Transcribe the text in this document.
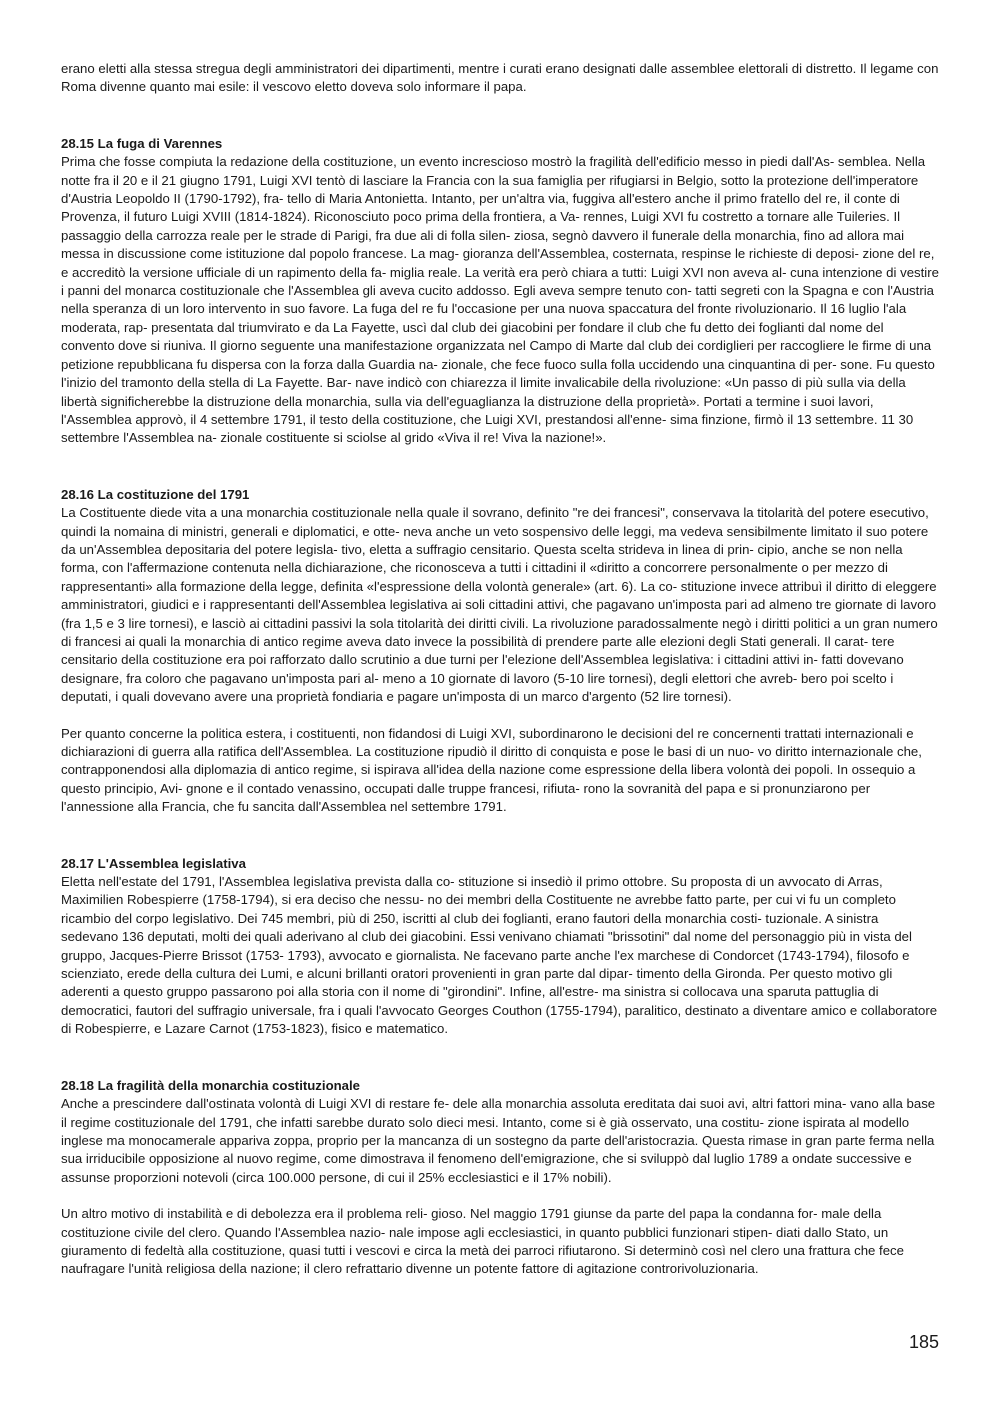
erano eletti alla stessa stregua degli amministratori dei dipartimenti, mentre i curati erano designati dalle assemblee elettorali di distretto. Il legame con Roma divenne quanto mai esile: il vescovo eletto doveva solo informare il papa.

28.15 La fuga di Varennes

Prima che fosse compiuta la redazione della costituzione, un evento increscioso mostrò la fragilità dell'edificio messo in piedi dall'As- semblea. Nella notte fra il 20 e il 21 giugno 1791, Luigi XVI tentò di lasciare la Francia con la sua famiglia per rifugiarsi in Belgio, sotto la protezione dell'imperatore d'Austria Leopoldo II (1790-1792), fra- tello di Maria Antonietta. Intanto, per un'altra via, fuggiva all'estero anche il primo fratello del re, il conte di Provenza, il futuro Luigi XVIII (1814-1824). Riconosciuto poco prima della frontiera, a Va- rennes, Luigi XVI fu costretto a tornare alle Tuileries. Il passaggio della carrozza reale per le strade di Parigi, fra due ali di folla silen- ziosa, segnò davvero il funerale della monarchia, fino ad allora mai messa in discussione come istituzione dal popolo francese. La mag- gioranza dell'Assemblea, costernata, respinse le richieste di deposi- zione del re, e accreditò la versione ufficiale di un rapimento della fa- miglia reale. La verità era però chiara a tutti: Luigi XVI non aveva al- cuna intenzione di vestire i panni del monarca costituzionale che l'Assemblea gli aveva cucito addosso. Egli aveva sempre tenuto con- tatti segreti con la Spagna e con l'Austria nella speranza di un loro intervento in suo favore. La fuga del re fu l'occasione per una nuova spaccatura del fronte rivoluzionario. Il 16 luglio l'ala moderata, rap- presentata dal triumvirato e da La Fayette, uscì dal club dei giacobini per fondare il club che fu detto dei foglianti dal nome del convento dove si riuniva. Il giorno seguente una manifestazione organizzata nel Campo di Marte dal club dei cordiglieri per raccogliere le firme di una petizione repubblicana fu dispersa con la forza dalla Guardia na- zionale, che fece fuoco sulla folla uccidendo una cinquantina di per- sone. Fu questo l'inizio del tramonto della stella di La Fayette. Bar- nave indicò con chiarezza il limite invalicabile della rivoluzione: «Un passo di più sulla via della libertà significherebbe la distruzione della monarchia, sulla via dell'eguaglianza la distruzione della proprietà». Portati a termine i suoi lavori, l'Assemblea approvò, il 4 settembre 1791, il testo della costituzione, che Luigi XVI, prestandosi all'enne- sima finzione, firmò il 13 settembre. 11 30 settembre l'Assemblea na- zionale costituente si sciolse al grido «Viva il re! Viva la nazione!».

28.16 La costituzione del 1791

La Costituente diede vita a una monarchia costituzionale nella quale il sovrano, definito "re dei francesi", conservava la titolarità del potere esecutivo, quindi la nomaina di ministri, generali e diplomatici, e otte- neva anche un veto sospensivo delle leggi, ma vedeva sensibilmente limitato il suo potere da un'Assemblea depositaria del potere legisla- tivo, eletta a suffragio censitario. Questa scelta strideva in linea di prin- cipio, anche se non nella forma, con l'affermazione contenuta nella dichiarazione, che riconosceva a tutti i cittadini il «diritto a concorrere personalmente o per mezzo di rappresentanti» alla formazione della legge, definita «l'espressione della volontà generale» (art. 6). La co- stituzione invece attribuì il diritto di eleggere amministratori, giudici e i rappresentanti dell'Assemblea legislativa ai soli cittadini attivi, che pagavano un'imposta pari ad almeno tre giornate di lavoro (fra 1,5 e 3 lire tornesi), e lasciò ai cittadini passivi la sola titolarità dei diritti civili. La rivoluzione paradossalmente negò i diritti politici a un gran numero di francesi ai quali la monarchia di antico regime aveva dato invece la possibilità di prendere parte alle elezioni degli Stati generali. Il carat- tere censitario della costituzione era poi rafforzato dallo scrutinio a due turni per l'elezione dell'Assemblea legislativa: i cittadini attivi in- fatti dovevano designare, fra coloro che pagavano un'imposta pari al- meno a 10 giornate di lavoro (5-10 lire tornesi), degli elettori che avreb- bero poi scelto i deputati, i quali dovevano avere una proprietà fondiaria e pagare un'imposta di un marco d'argento (52 lire tornesi).

Per quanto concerne la politica estera, i costituenti, non fidandosi di Luigi XVI, subordinarono le decisioni del re concernenti trattati internazionali e dichiarazioni di guerra alla ratifica dell'Assemblea. La costituzione ripudiò il diritto di conquista e pose le basi di un nuo- vo diritto internazionale che, contrapponendosi alla diplomazia di antico regime, si ispirava all'idea della nazione come espressione della libera volontà dei popoli. In ossequio a questo principio, Avi- gnone e il contado venassino, occupati dalle truppe francesi, rifiuta- rono la sovranità del papa e si pronunziarono per l'annessione alla Francia, che fu sancita dall'Assemblea nel settembre 1791.

28.17 L'Assemblea legislativa

Eletta nell'estate del 1791, l'Assemblea legislativa prevista dalla co- stituzione si insediò il primo ottobre. Su proposta di un avvocato di Arras, Maximilien Robespierre (1758-1794), si era deciso che nessu- no dei membri della Costituente ne avrebbe fatto parte, per cui vi fu un completo ricambio del corpo legislativo. Dei 745 membri, più di 250, iscritti al club dei foglianti, erano fautori della monarchia costi- tuzionale. A sinistra sedevano 136 deputati, molti dei quali aderivano al club dei giacobini. Essi venivano chiamati "brissotini" dal nome del personaggio più in vista del gruppo, Jacques-Pierre Brissot (1753- 1793), avvocato e giornalista. Ne facevano parte anche l'ex marchese di Condorcet (1743-1794), filosofo e scienziato, erede della cultura dei Lumi, e alcuni brillanti oratori provenienti in gran parte dal dipar- timento della Gironda. Per questo motivo gli aderenti a questo gruppo passarono poi alla storia con il nome di "girondini". Infine, all'estre- ma sinistra si collocava una sparuta pattuglia di democratici, fautori del suffragio universale, fra i quali l'avvocato Georges Couthon (1755-1794), paralitico, destinato a diventare amico e collaboratore di Robespierre, e Lazare Carnot (1753-1823), fisico e matematico.

28.18 La fragilità della monarchia costituzionale

Anche a prescindere dall'ostinata volontà di Luigi XVI di restare fe- dele alla monarchia assoluta ereditata dai suoi avi, altri fattori mina- vano alla base il regime costituzionale del 1791, che infatti sarebbe durato solo dieci mesi. Intanto, come si è già osservato, una costitu- zione ispirata al modello inglese ma monocamerale appariva zoppa, proprio per la mancanza di un sostegno da parte dell'aristocrazia. Questa rimase in gran parte ferma nella sua irriducibile opposizione al nuovo regime, come dimostrava il fenomeno dell'emigrazione, che si sviluppò dal luglio 1789 a ondate successive e assunse proporzioni notevoli (circa 100.000 persone, di cui il 25% ecclesiastici e il 17% nobili).

Un altro motivo di instabilità e di debolezza era il problema reli- gioso. Nel maggio 1791 giunse da parte del papa la condanna for- male della costituzione civile del clero. Quando l'Assemblea nazio- nale impose agli ecclesiastici, in quanto pubblici funzionari stipen- diati dallo Stato, un giuramento di fedeltà alla costituzione, quasi tutti i vescovi e circa la metà dei parroci rifiutarono. Si determinò così nel clero una frattura che fece naufragare l'unità religiosa della nazione; il clero refrattario divenne un potente fattore di agitazione controrivoluzionaria.

185
